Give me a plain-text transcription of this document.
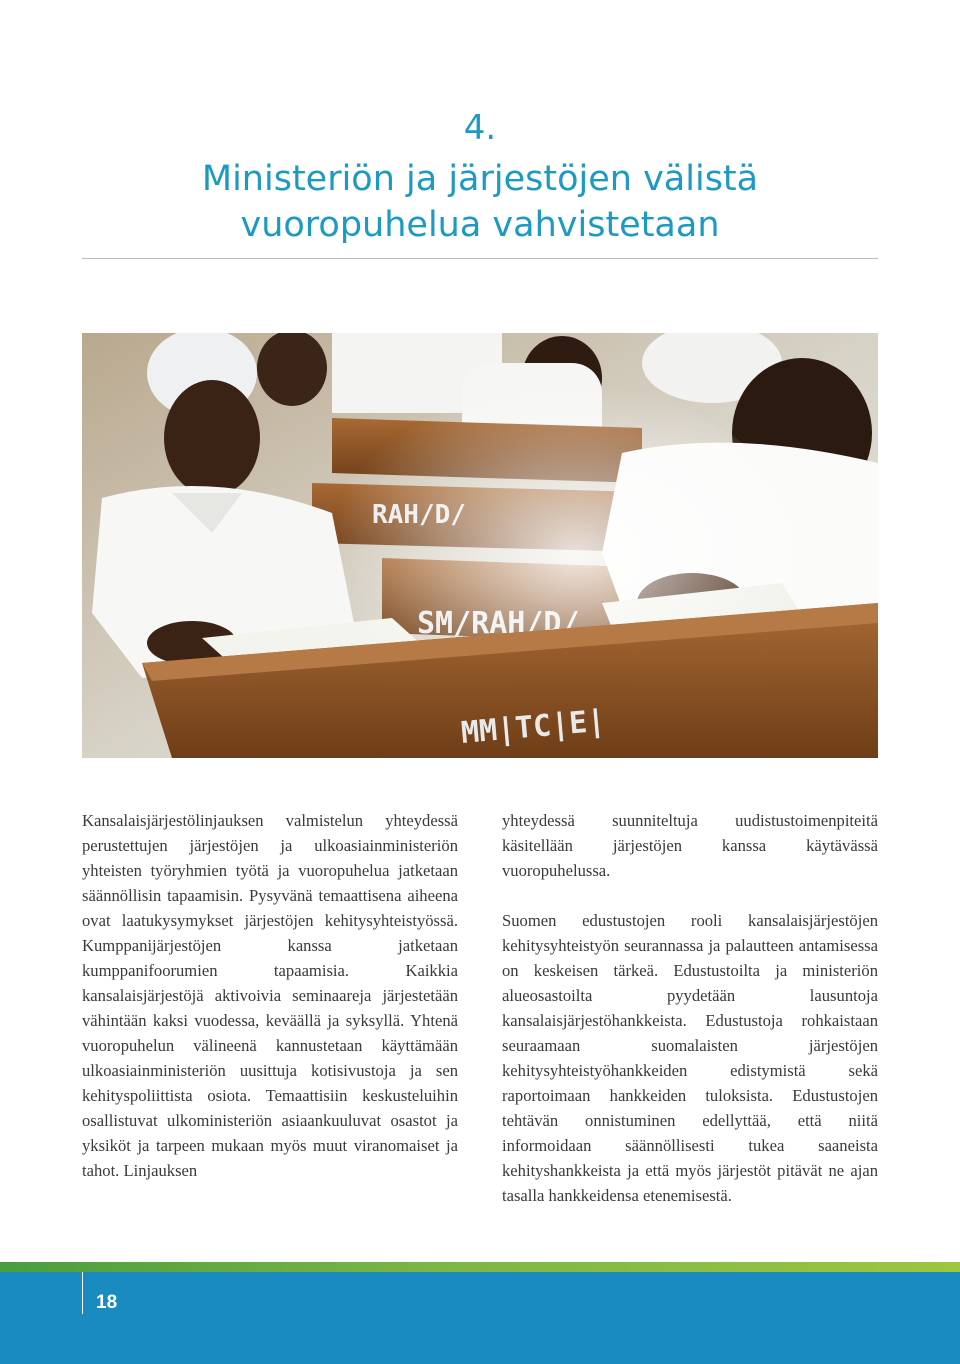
4.
Ministeriön ja järjestöjen välistä
vuoropuhelua vahvistetaan
MM|TC|E|

Kansalaisjärjestölinjauksen valmistelun yhteydessä perustettujen järjestöjen ja ulkoasiainministeriön yhteisten työryhmien työtä ja vuoropuhelua jatketaan säännöllisin tapaamisin. Pysyvänä temaattisena aiheena ovat laatukysymykset järjestöjen kehitysyhteistyössä. Kumppanijärjestöjen kanssa jatketaan kumppanifoorumien tapaamisia. Kaikkia kansalaisjärjestöjä aktivoivia seminaareja järjestetään vähintään kaksi vuodessa, keväällä ja syksyllä. Yhtenä vuoropuhelun välineenä kannustetaan käyttämään ulkoasiainministeriön uusittuja kotisivustoja ja sen kehityspoliittista osiota. Temaattisiin keskusteluihin osallistuvat ulkoministeriön asiaankuuluvat osastot ja yksiköt ja tarpeen mukaan myös muut viranomaiset ja tahot. Linjauksen

yhteydessä suunniteltuja uudistustoimenpiteitä käsitellään järjestöjen kanssa käytävässä vuoropuhelussa.

Suomen edustustojen rooli kansalaisjärjestöjen kehitysyhteistyön seurannassa ja palautteen antamisessa on keskeisen tärkeä. Edustustoilta ja ministeriön alueosastoilta pyydetään lausuntoja kansalaisjärjestöhankkeista. Edustustoja rohkaistaan seuraamaan suomalaisten järjestöjen kehitysyhteistyöhankkeiden edistymistä sekä raportoimaan hankkeiden tuloksista. Edustustojen tehtävän onnistuminen edellyttää, että niitä informoidaan säännöllisesti tukea saaneista kehityshankkeista ja että myös järjestöt pitävät ne ajan tasalla hankkeidensa etenemisestä.

18
